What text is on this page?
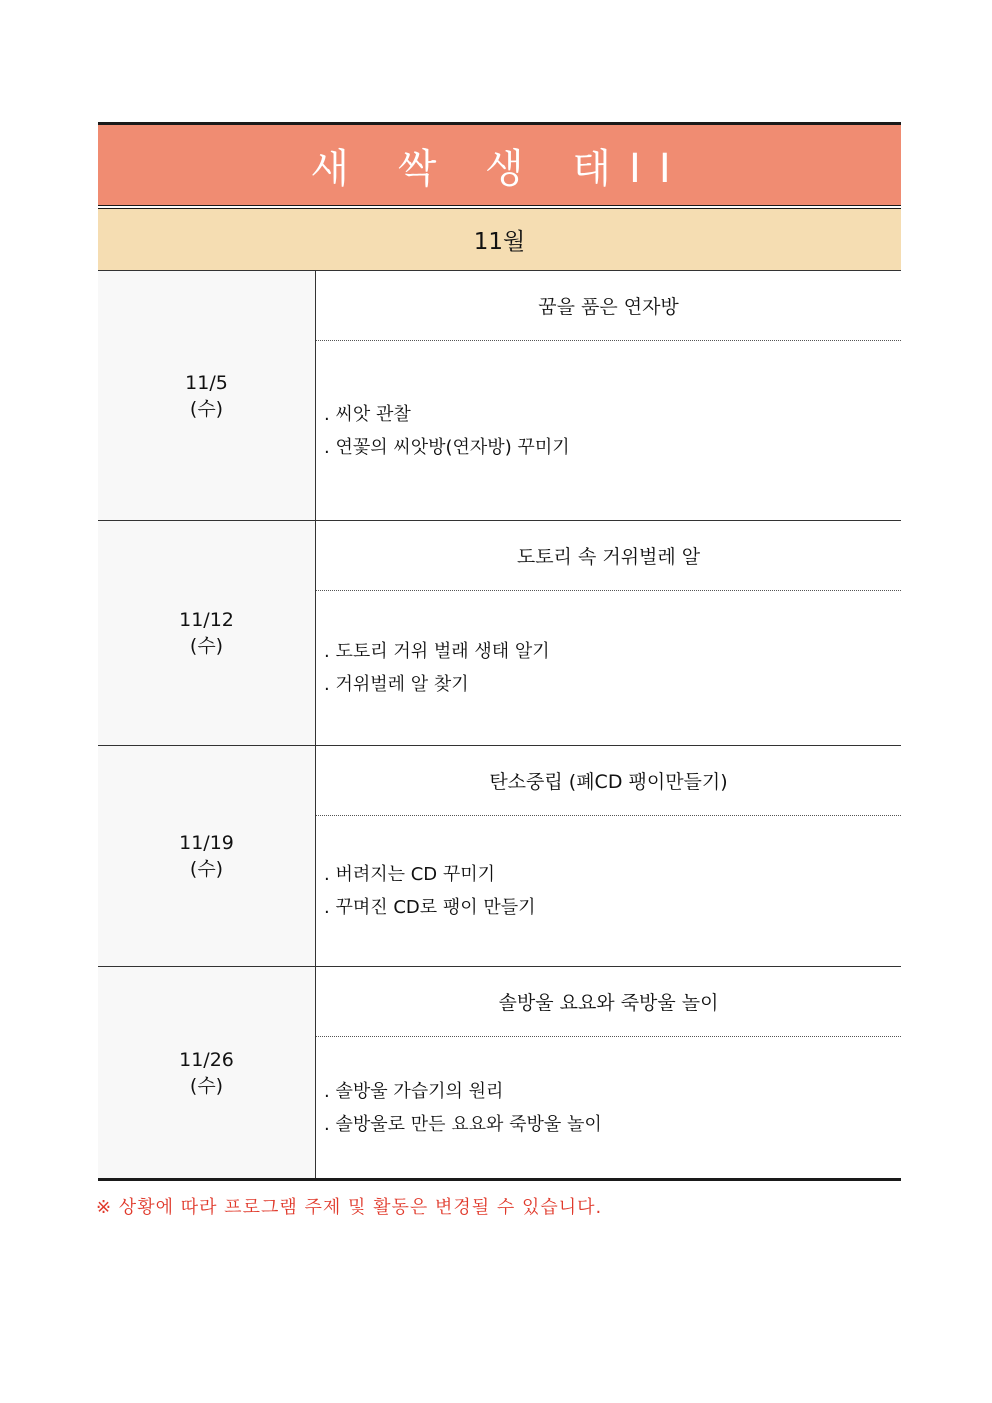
새 싹 생 태II
11월
11/5
(수)
꿈을 품은 연자방
. 씨앗 관찰
. 연꽃의 씨앗방(연자방) 꾸미기
11/12
(수)
도토리 속 거위벌레 알
. 도토리 거위 벌래 생태 알기
. 거위벌레 알 찾기
11/19
(수)
탄소중립 (폐CD 팽이만들기)
. 버려지는 CD 꾸미기
. 꾸며진 CD로 팽이 만들기
11/26
(수)
솔방울 요요와 죽방울 놀이
. 솔방울 가습기의 원리
. 솔방울로 만든 요요와 죽방울 놀이
※ 상황에 따라 프로그램 주제 및 활동은 변경될 수 있습니다.
